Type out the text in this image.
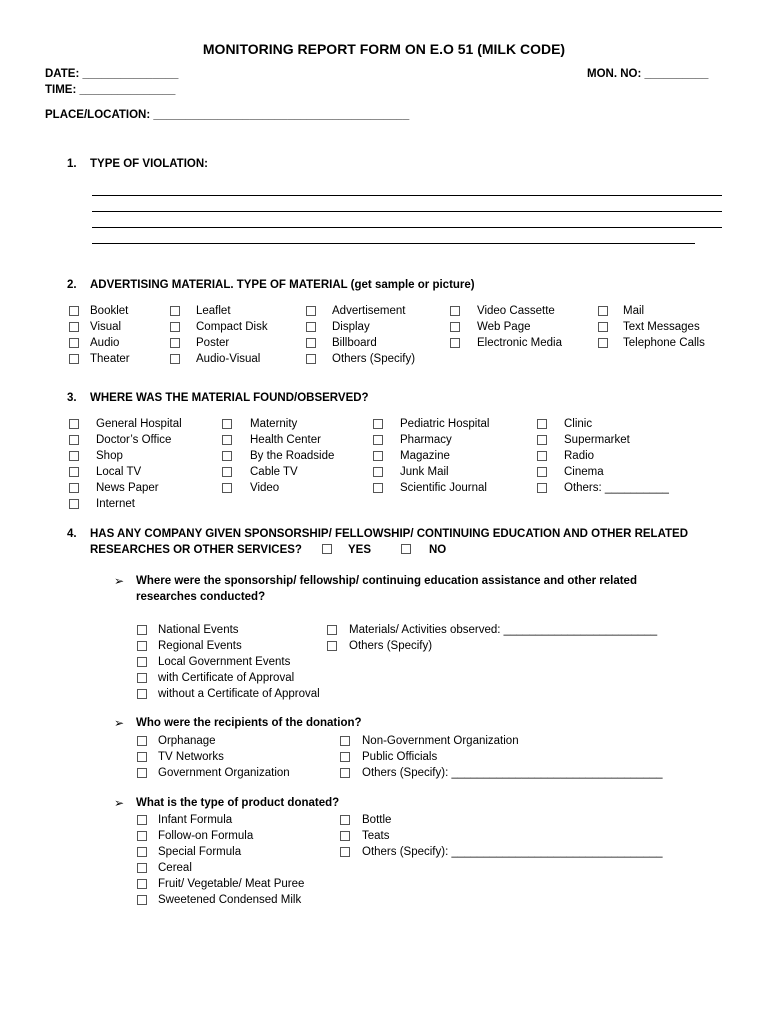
MONITORING REPORT FORM ON E.O 51 (MILK CODE)
DATE: _______________
TIME: _______________
MON. NO: __________
PLACE/LOCATION: ________________________________________
1. TYPE OF VIOLATION:
2. ADVERTISING MATERIAL. TYPE OF MATERIAL (get sample or picture)
Booklet
Visual
Audio
Theater
Leaflet
Compact Disk
Poster
Audio-Visual
Advertisement
Display
Billboard
Others (Specify)
Video Cassette
Web Page
Electronic Media
Mail
Text Messages
Telephone Calls
3. WHERE WAS THE MATERIAL FOUND/OBSERVED?
General Hospital
Doctor’s Office
Shop
Local TV
News Paper
Internet
Maternity
Health Center
By the Roadside
Cable TV
Video
Pediatric Hospital
Pharmacy
Magazine
Junk Mail
Scientific Journal
Clinic
Supermarket
Radio
Cinema
Others: __________
4. HAS ANY COMPANY GIVEN SPONSORSHIP/ FELLOWSHIP/ CONTINUING EDUCATION AND OTHER RELATED
RESEARCHES OR OTHER SERVICES?	YES	NO
➢ Where were the sponsorship/ fellowship/ continuing education assistance and other related
researches conducted?
National Events
Regional Events
Local Government Events
with Certificate of Approval
without a Certificate of Approval
Materials/ Activities observed: ________________________
Others (Specify)
➢ Who were the recipients of the donation?
Orphanage
TV Networks
Government Organization
Non-Government Organization
Public Officials
Others (Specify): _________________________________
➢ What is the type of product donated?
Infant Formula
Follow-on Formula
Special Formula
Cereal
Fruit/ Vegetable/ Meat Puree
Sweetened Condensed Milk
Bottle
Teats
Others (Specify): _________________________________
